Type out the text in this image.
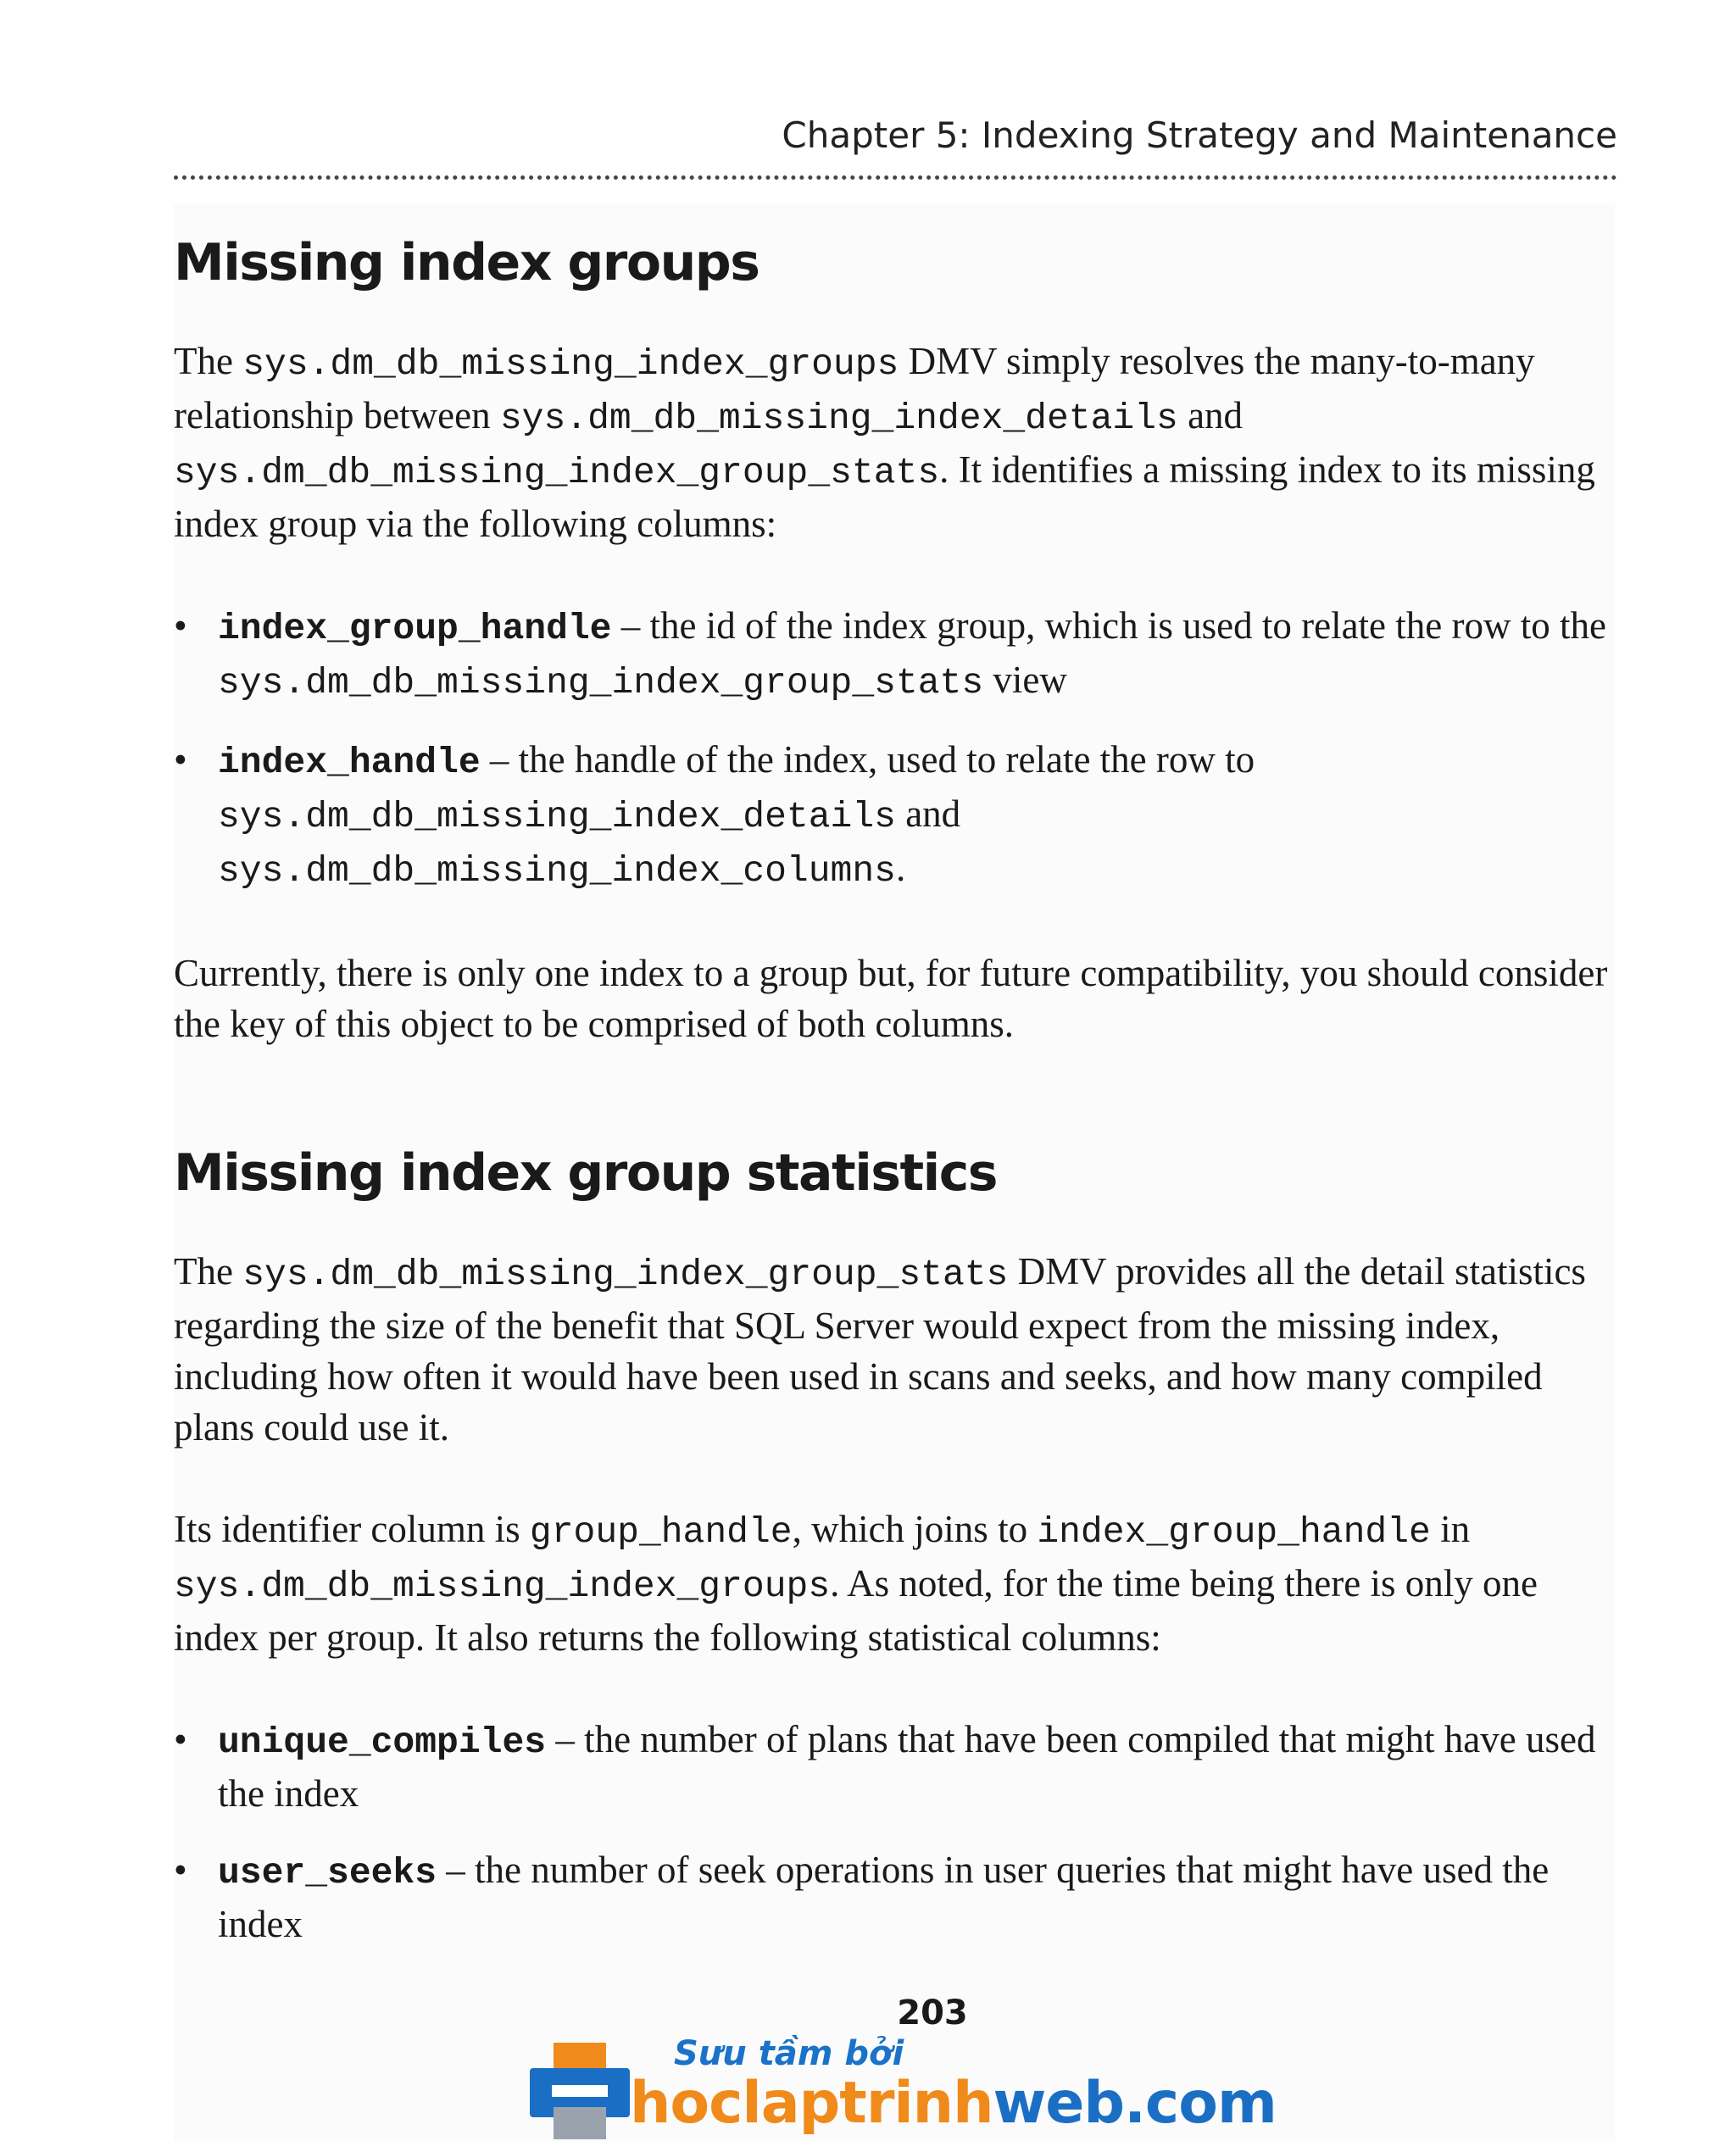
Chapter 5: Indexing Strategy and Maintenance
Missing index groups

The sys.dm_db_missing_index_groups DMV simply resolves the many-to-many relationship between sys.dm_db_missing_index_details and sys.dm_db_missing_index_group_stats. It identifies a missing index to its missing index group via the following columns:

• index_group_handle – the id of the index group, which is used to relate the row to the sys.dm_db_missing_index_group_stats view
• index_handle – the handle of the index, used to relate the row to sys.dm_db_missing_index_details and sys.dm_db_missing_index_columns.

Currently, there is only one index to a group but, for future compatibility, you should consider the key of this object to be comprised of both columns.

Missing index group statistics

The sys.dm_db_missing_index_group_stats DMV provides all the detail statistics regarding the size of the benefit that SQL Server would expect from the missing index, including how often it would have been used in scans and seeks, and how many compiled plans could use it.

Its identifier column is group_handle, which joins to index_group_handle in sys.dm_db_missing_index_groups. As noted, for the time being there is only one index per group. It also returns the following statistical columns:

• unique_compiles – the number of plans that have been compiled that might have used the index
• user_seeks – the number of seek operations in user queries that might have used the index
203
Sưu tầm bởi
hoclaptrinhweb.com
